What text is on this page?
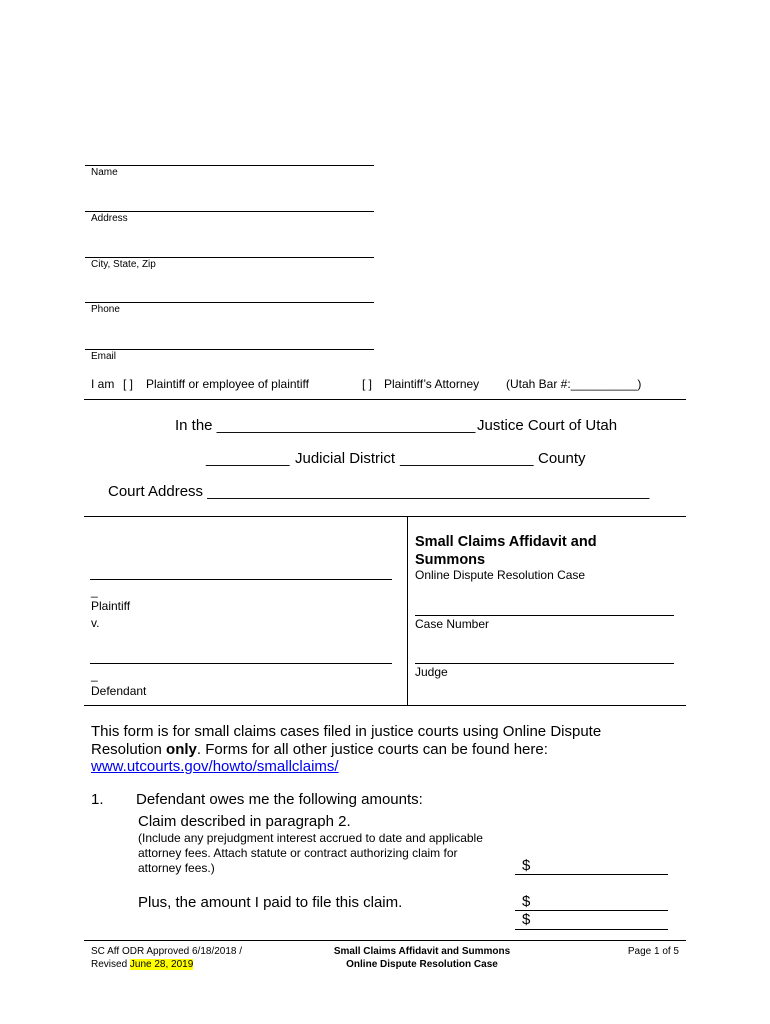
Name
Address
City, State, Zip
Phone
Email
I am [ ] Plaintiff or employee of plaintiff	[ ] Plaintiff’s Attorney (Utah Bar #:__________)
In the _______________________________ Justice Court of Utah
__________ Judicial District ________________ County
Court Address _____________________________________________________
_
Plaintiff
v.
_
Defendant
Small Claims Affidavit and Summons
Online Dispute Resolution Case
Case Number
Judge
This form is for small claims cases filed in justice courts using Online Dispute Resolution only. Forms for all other justice courts can be found here:
www.utcourts.gov/howto/smallclaims/
1. Defendant owes me the following amounts:
Claim described in paragraph 2.
(Include any prejudgment interest accrued to date and applicable
attorney fees. Attach statute or contract authorizing claim for
attorney fees.)	$
Plus, the amount I paid to file this claim.	$
$
SC Aff ODR Approved 6/18/2018 /
Revised June 28, 2019
Small Claims Affidavit and Summons
Online Dispute Resolution Case
Page 1 of 5
